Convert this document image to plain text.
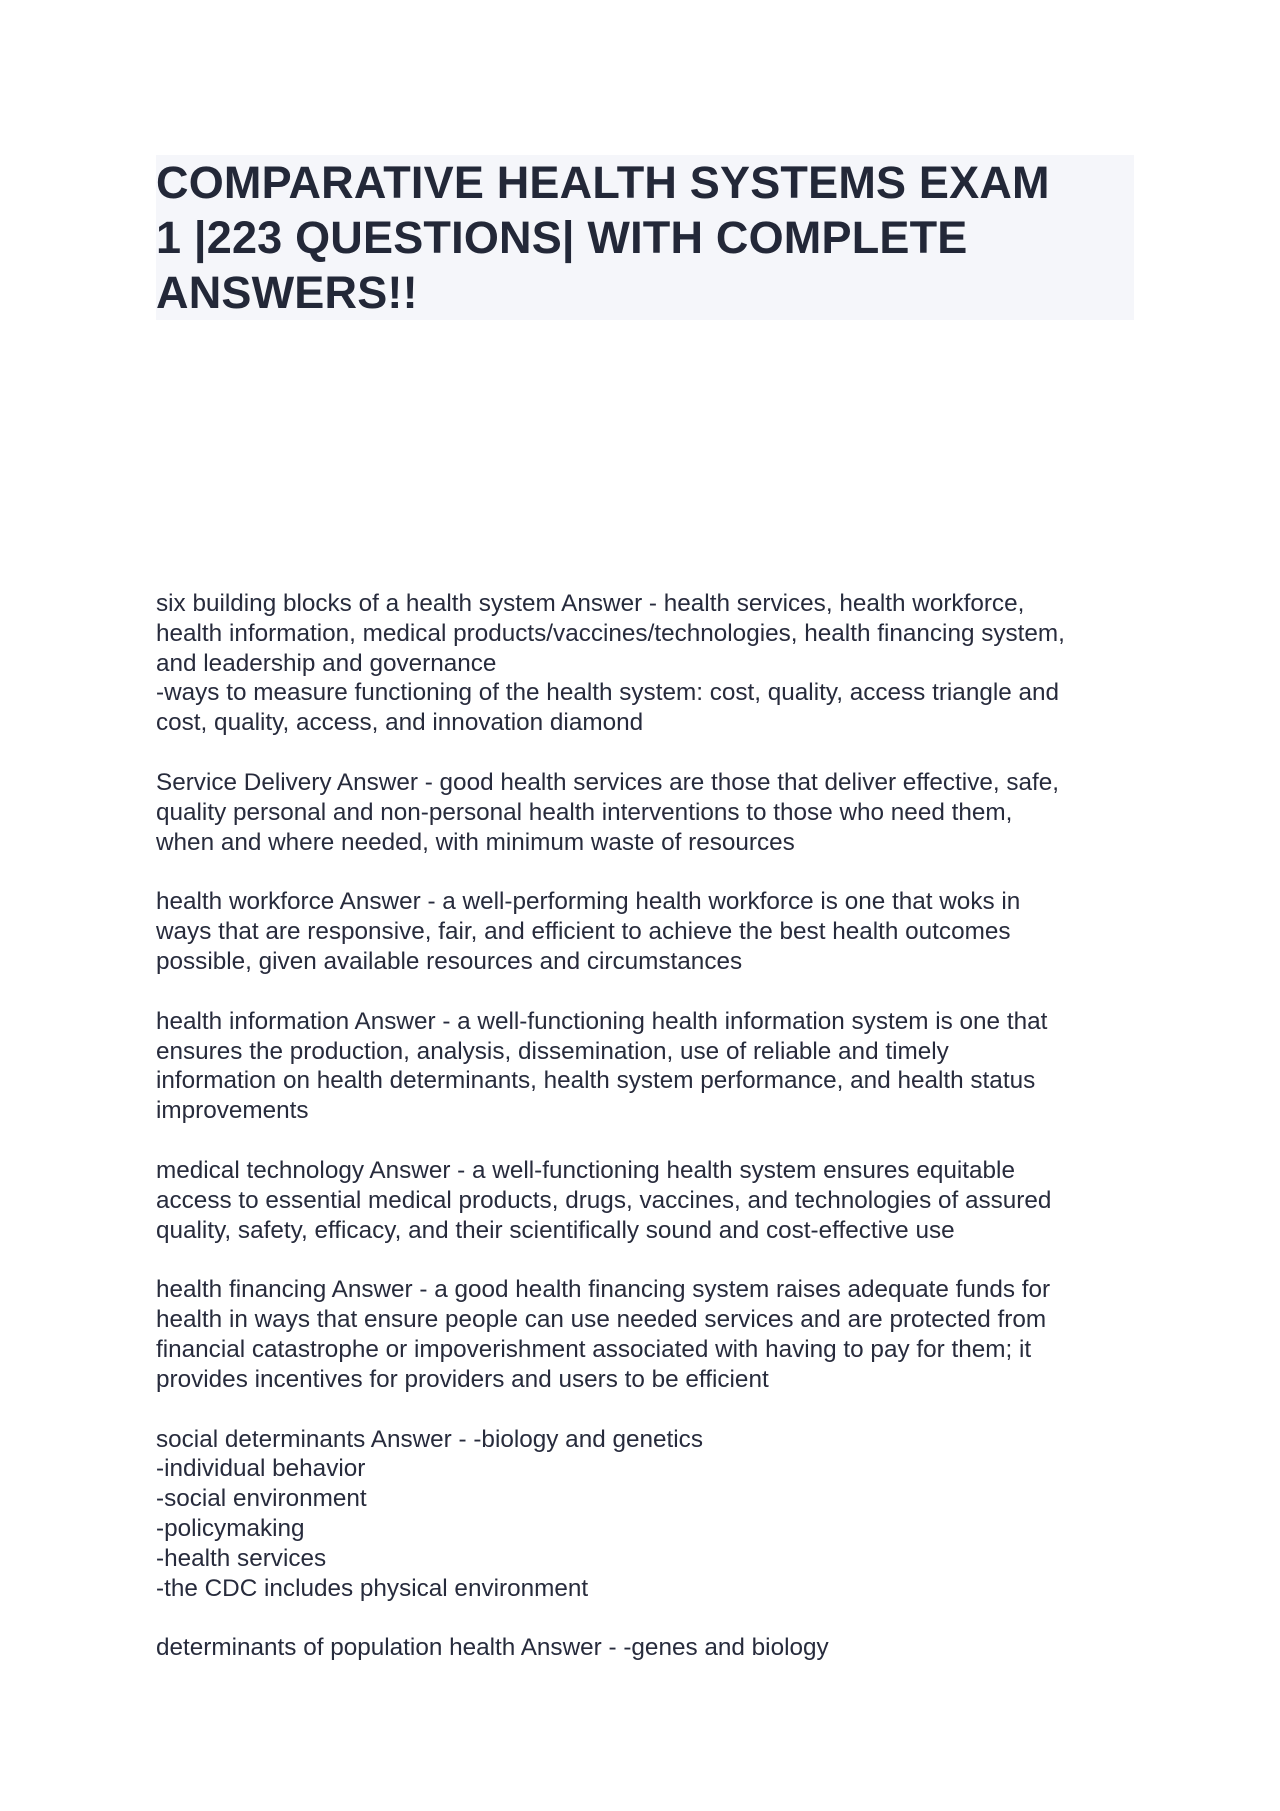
COMPARATIVE HEALTH SYSTEMS EXAM
1 |223 QUESTIONS| WITH COMPLETE
ANSWERS!!

six building blocks of a health system Answer - health services, health workforce,
health information, medical products/vaccines/technologies, health financing system,
and leadership and governance
-ways to measure functioning of the health system: cost, quality, access triangle and
cost, quality, access, and innovation diamond

Service Delivery Answer - good health services are those that deliver effective, safe,
quality personal and non-personal health interventions to those who need them,
when and where needed, with minimum waste of resources

health workforce Answer - a well-performing health workforce is one that woks in
ways that are responsive, fair, and efficient to achieve the best health outcomes
possible, given available resources and circumstances

health information Answer - a well-functioning health information system is one that
ensures the production, analysis, dissemination, use of reliable and timely
information on health determinants, health system performance, and health status
improvements

medical technology Answer - a well-functioning health system ensures equitable
access to essential medical products, drugs, vaccines, and technologies of assured
quality, safety, efficacy, and their scientifically sound and cost-effective use

health financing Answer - a good health financing system raises adequate funds for
health in ways that ensure people can use needed services and are protected from
financial catastrophe or impoverishment associated with having to pay for them; it
provides incentives for providers and users to be efficient

social determinants Answer - -biology and genetics
-individual behavior
-social environment
-policymaking
-health services
-the CDC includes physical environment

determinants of population health Answer - -genes and biology
